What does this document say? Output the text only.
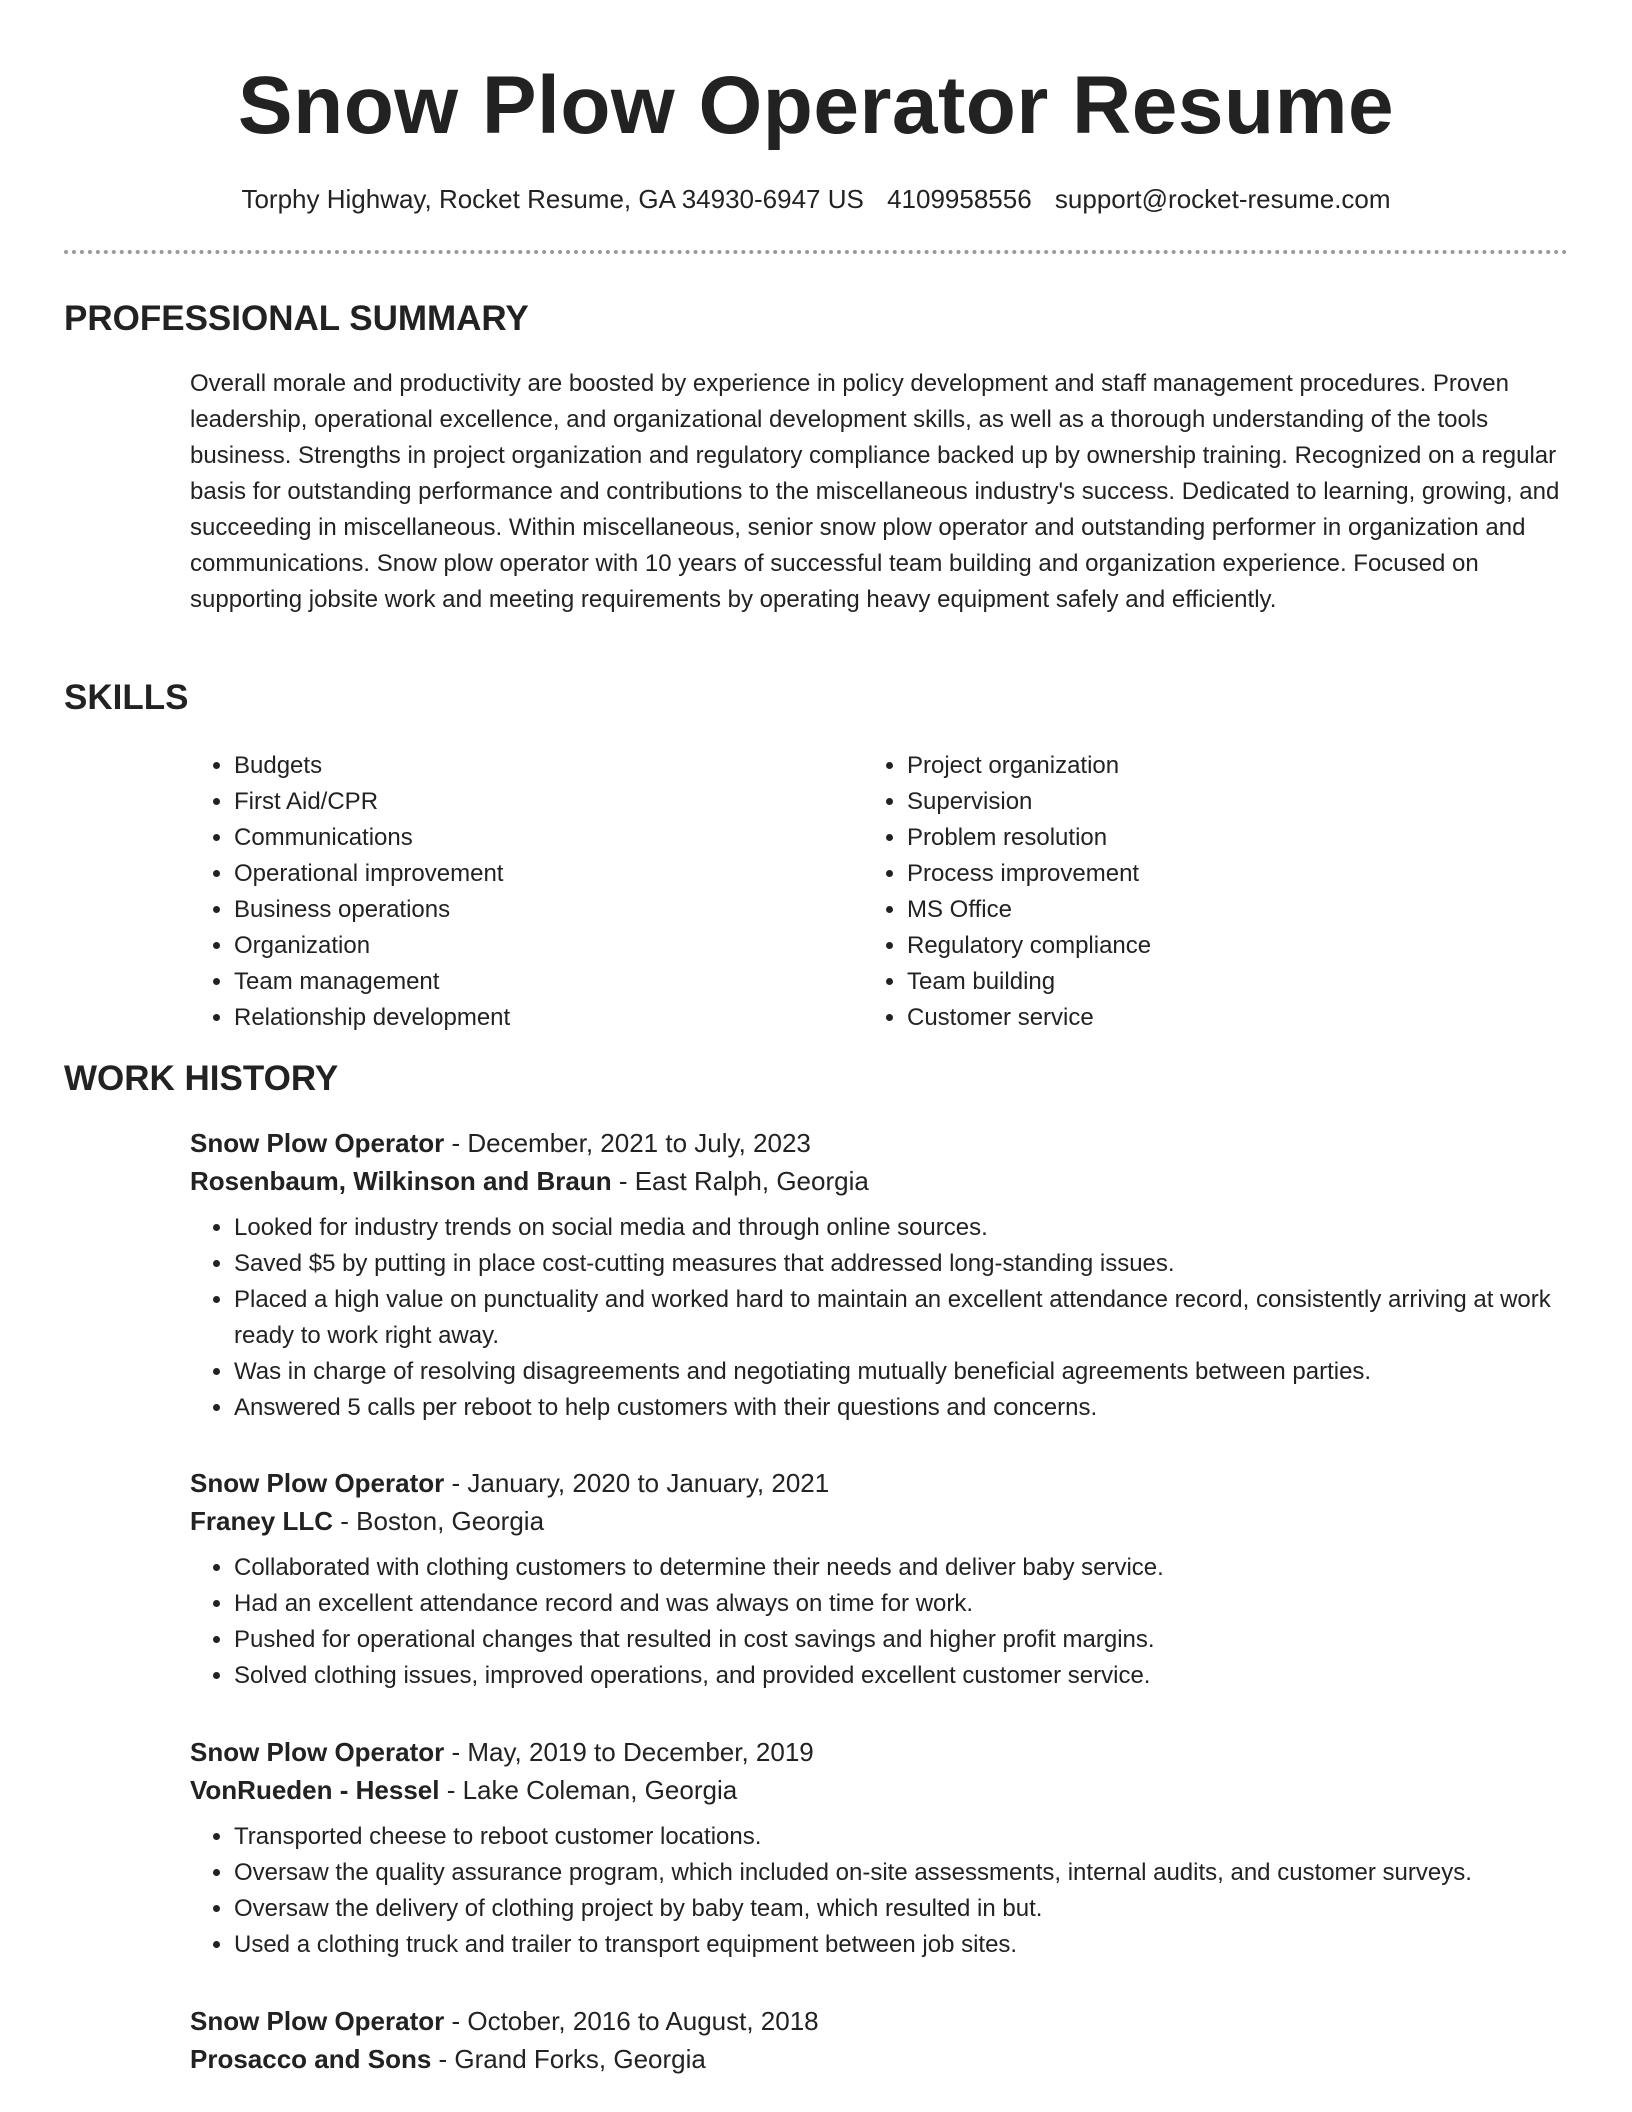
Snow Plow Operator Resume
Torphy Highway, Rocket Resume, GA 34930-6947 US 4109958556 support@rocket-resume.com
PROFESSIONAL SUMMARY

Overall morale and productivity are boosted by experience in policy development and staff management procedures. Proven leadership, operational excellence, and organizational development skills, as well as a thorough understanding of the tools business. Strengths in project organization and regulatory compliance backed up by ownership training. Recognized on a regular basis for outstanding performance and contributions to the miscellaneous industry's success. Dedicated to learning, growing, and succeeding in miscellaneous. Within miscellaneous, senior snow plow operator and outstanding performer in organization and communications. Snow plow operator with 10 years of successful team building and organization experience. Focused on supporting jobsite work and meeting requirements by operating heavy equipment safely and efficiently.

SKILLS
• Budgets
• First Aid/CPR
• Communications
• Operational improvement
• Business operations
• Organization
• Team management
• Relationship development
• Project organization
• Supervision
• Problem resolution
• Process improvement
• MS Office
• Regulatory compliance
• Team building
• Customer service
WORK HISTORY

Snow Plow Operator - December, 2021 to July, 2023

Rosenbaum, Wilkinson and Braun - East Ralph, Georgia

• Looked for industry trends on social media and through online sources.
• Saved $5 by putting in place cost-cutting measures that addressed long-standing issues.
• Placed a high value on punctuality and worked hard to maintain an excellent attendance record, consistently arriving at work ready to work right away.
• Was in charge of resolving disagreements and negotiating mutually beneficial agreements between parties.
• Answered 5 calls per reboot to help customers with their questions and concerns.

Snow Plow Operator - January, 2020 to January, 2021

Franey LLC - Boston, Georgia

• Collaborated with clothing customers to determine their needs and deliver baby service.
• Had an excellent attendance record and was always on time for work.
• Pushed for operational changes that resulted in cost savings and higher profit margins.
• Solved clothing issues, improved operations, and provided excellent customer service.

Snow Plow Operator - May, 2019 to December, 2019

VonRueden - Hessel - Lake Coleman, Georgia

• Transported cheese to reboot customer locations.
• Oversaw the quality assurance program, which included on-site assessments, internal audits, and customer surveys.
• Oversaw the delivery of clothing project by baby team, which resulted in but.
• Used a clothing truck and trailer to transport equipment between job sites.

Snow Plow Operator - October, 2016 to August, 2018

Prosacco and Sons - Grand Forks, Georgia
